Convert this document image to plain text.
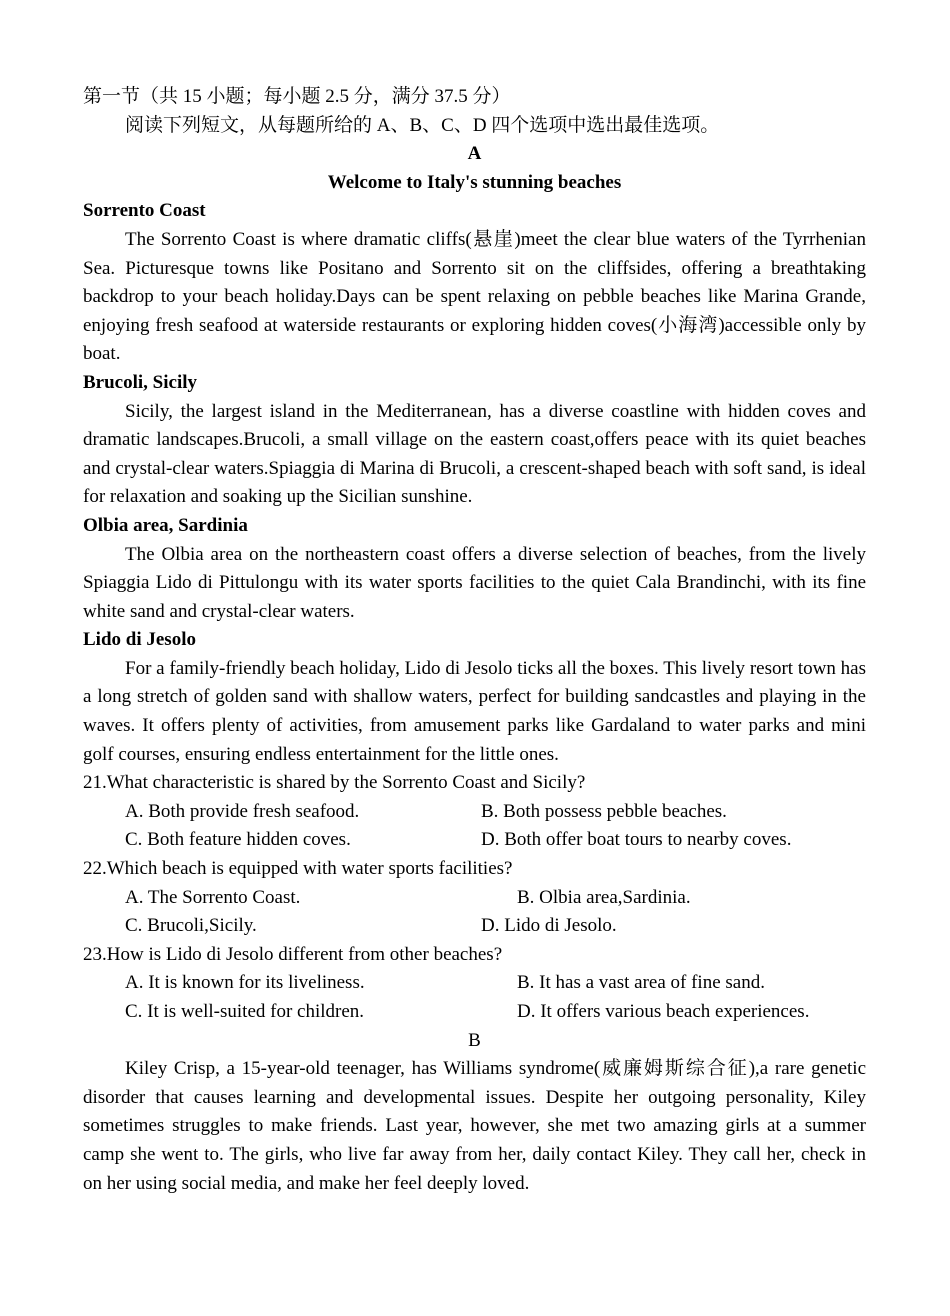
第一节（共 15 小题；每小题 2.5 分，满分 37.5 分）
阅读下列短文，从每题所给的 A、B、C、D 四个选项中选出最佳选项。
A
Welcome to Italy's stunning beaches
Sorrento Coast
The Sorrento Coast is where dramatic cliffs(悬崖)meet the clear blue waters of the Tyrrhenian Sea. Picturesque towns like Positano and Sorrento sit on the cliffsides, offering a breathtaking backdrop to your beach holiday.Days can be spent relaxing on pebble beaches like Marina Grande, enjoying fresh seafood at waterside restaurants or exploring hidden coves(小海湾)accessible only by boat.
Brucoli, Sicily
Sicily, the largest island in the Mediterranean, has a diverse coastline with hidden coves and dramatic landscapes.Brucoli, a small village on the eastern coast,offers peace with its quiet beaches and crystal-clear waters.Spiaggia di Marina di Brucoli, a crescent-shaped beach with soft sand, is ideal for relaxation and soaking up the Sicilian sunshine.
Olbia area, Sardinia
The Olbia area on the northeastern coast offers a diverse selection of beaches, from the lively Spiaggia Lido di Pittulongu with its water sports facilities to the quiet Cala Brandinchi, with its fine white sand and crystal-clear waters.
Lido di Jesolo
For a family-friendly beach holiday, Lido di Jesolo ticks all the boxes. This lively resort town has a long stretch of golden sand with shallow waters, perfect for building sandcastles and playing in the waves. It offers plenty of activities, from amusement parks like Gardaland to water parks and mini golf courses, ensuring endless entertainment for the little ones.
21.What characteristic is shared by the Sorrento Coast and Sicily?
A. Both provide fresh seafood.	B. Both possess pebble beaches.
C. Both feature hidden coves.	D. Both offer boat tours to nearby coves.
22.Which beach is equipped with water sports facilities?
A. The Sorrento Coast.	B. Olbia area,Sardinia.
C. Brucoli,Sicily.	D. Lido di Jesolo.
23.How is Lido di Jesolo different from other beaches?
A. It is known for its liveliness.	B. It has a vast area of fine sand.
C. It is well-suited for children.	D. It offers various beach experiences.
B
Kiley Crisp, a 15-year-old teenager, has Williams syndrome(威廉姆斯综合征),a rare genetic disorder that causes learning and developmental issues. Despite her outgoing personality, Kiley sometimes struggles to make friends. Last year, however, she met two amazing girls at a summer camp she went to. The girls, who live far away from her, daily contact Kiley. They call her, check in on her using social media, and make her feel deeply loved.
